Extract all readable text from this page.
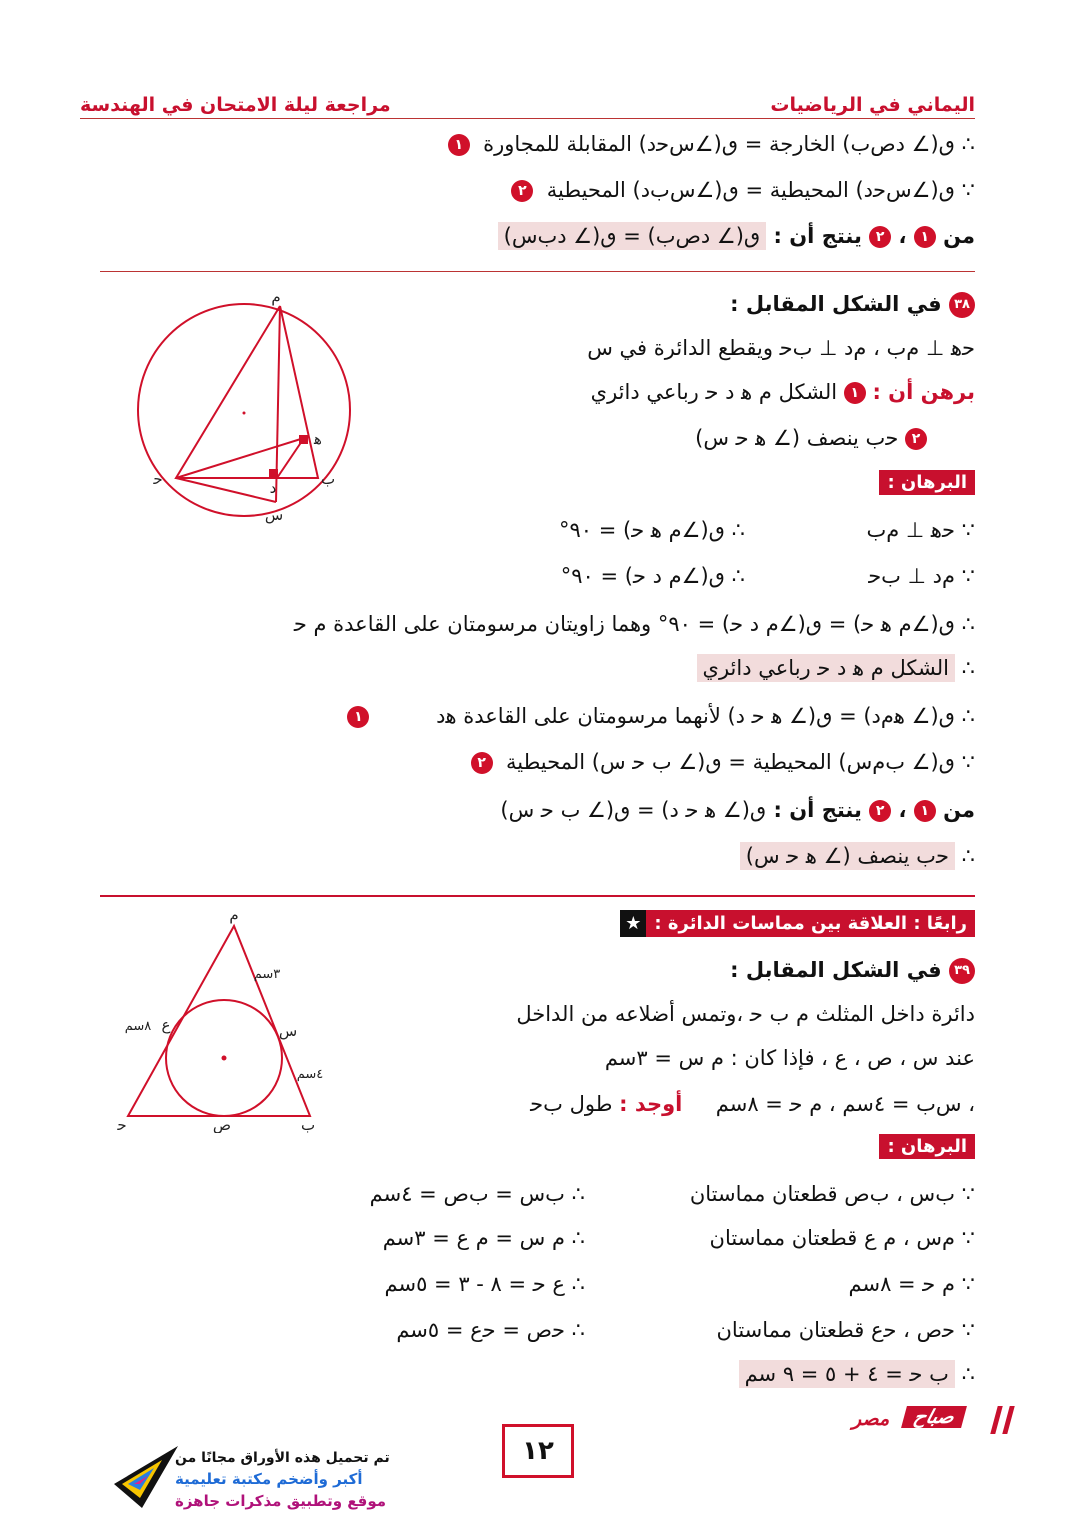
اليماني في الرياضيات
مراجعة ليلة الامتحان في الهندسة
∴ ٯ(∠ ﺩﺹﺏ) الخارجة = ٯ(∠ﺱﺣﺩ) المقابلة للمجاورة  ١
∵ ٯ(∠ﺱﺣﺩ) المحيطية = ٯ(∠ﺱﺏﺩ) المحيطية  ٢
من ١ ، ٢ ينتج أن : ٯ(∠ ﺩﺹﺏ) = ٯ(∠ ﺩﺏﺱ)
٣٨ في الشكل المقابل :
ﺣﻫ ⊥ ﻡﺏ ، ﻡﺩ ⊥ ﺏﺣ ويقطع الدائرة في ﺱ
برهن أن : ١ الشكل ﻡ ﻫ ﺩ ﺣ رباعي دائري
٢ ﺣﺏ ينصف (∠ ﻫ ﺣ ﺱ)
البرهان :
∵ ﺣﻫ ⊥ ﻡﺏ
∴ ٯ(∠ﻡ ﻫ ﺣ) = ٩٠°
∵ ﻡﺩ ⊥ ﺏﺣ
∴ ٯ(∠ﻡ ﺩ ﺣ) = ٩٠°
∴ ٯ(∠ﻡ ﻫ ﺣ) = ٯ(∠ﻡ ﺩ ﺣ) = ٩٠° وهما زاويتان مرسومتان على القاعدة ﻡ ﺣ
∴ الشكل ﻡ ﻫ ﺩ ﺣ رباعي دائري
∴ ٯ(∠ ﻫﻡﺩ) = ٯ(∠ ﻫ ﺣ ﺩ) لأنهما مرسومتان على القاعدة ﻫﺩ          ١
∵ ٯ(∠ ﺏﻡﺱ) المحيطية = ٯ(∠ ﺏ ﺣ ﺱ) المحيطية  ٢
من ١ ، ٢ ينتج أن : ٯ(∠ ﻫ ﺣ ﺩ) = ٯ(∠ ﺏ ﺣ ﺱ)
∴ ﺣﺏ ينصف (∠ ﻫ ﺣ ﺱ)
ﻡ
ﻫ
ﺣ	ﺩ	ﺏ
ﺱ
★ رابعًا : العلاقة بين مماسات الدائرة :
٣٩ في الشكل المقابل :
دائرة داخل المثلث ﻡ ﺏ ﺣ ،وتمس أضلاعه من الداخل
عند ﺱ ، ﺹ ، ﻉ ، فإذا كان : ﻡ ﺱ = ٣سم
، ﺱﺏ = ٤سم ، ﻡ ﺣ = ٨سم     أوجد : طول ﺏﺣ
البرهان :
∵ ﺏﺱ ، ﺏﺹ قطعتان مماستان
∴ ﺏﺱ = ﺏﺹ = ٤سم
∵ ﻡﺱ ، ﻡ ﻉ قطعتان مماستان
∴ ﻡ ﺱ = ﻡ ﻉ = ٣سم
∵ ﻡ ﺣ = ٨سم
∴ ﻉ ﺣ = ٨ - ٣ = ٥سم
∵ ﺣﺹ ، ﺣﻉ قطعتان مماستان
∴ ﺣﺹ = ﺣﻉ = ٥سم
∴ ﺏ ﺣ = ٤ + ٥ = ٩ سم
ﻡ
٣سم
ﻉ
٨سم	ﺱ
٤سم
ﺹ	ﺏ
ﺣ
مصر	صباح
١٢
تم تحميل هذه الأوراق مجانًا من
أكبر وأضخم مكتبة تعليمية
موقع وتطبيق مذكرات جاهزة
